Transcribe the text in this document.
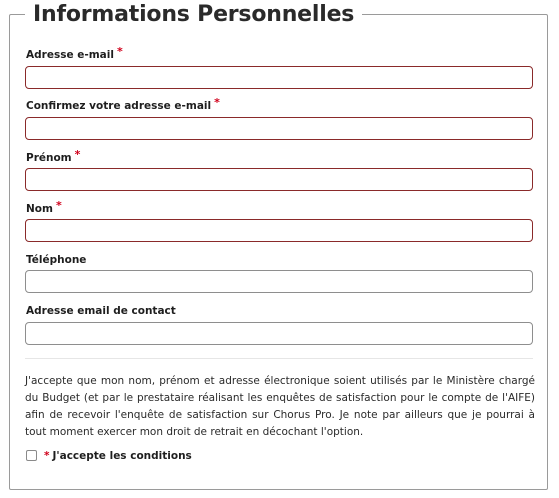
Informations Personnelles
Adresse e-mail *
Confirmez votre adresse e-mail *
Prénom *
Nom *
Téléphone
Adresse email de contact
J'accepte que mon nom, prénom et adresse électronique soient utilisés par le Ministère chargé du Budget (et par le prestataire réalisant les enquêtes de satisfaction pour le compte de l'AIFE) afin de recevoir l'enquête de satisfaction sur Chorus Pro. Je note par ailleurs que je pourrai à tout moment exercer mon droit de retrait en décochant l'option.
* J'accepte les conditions
